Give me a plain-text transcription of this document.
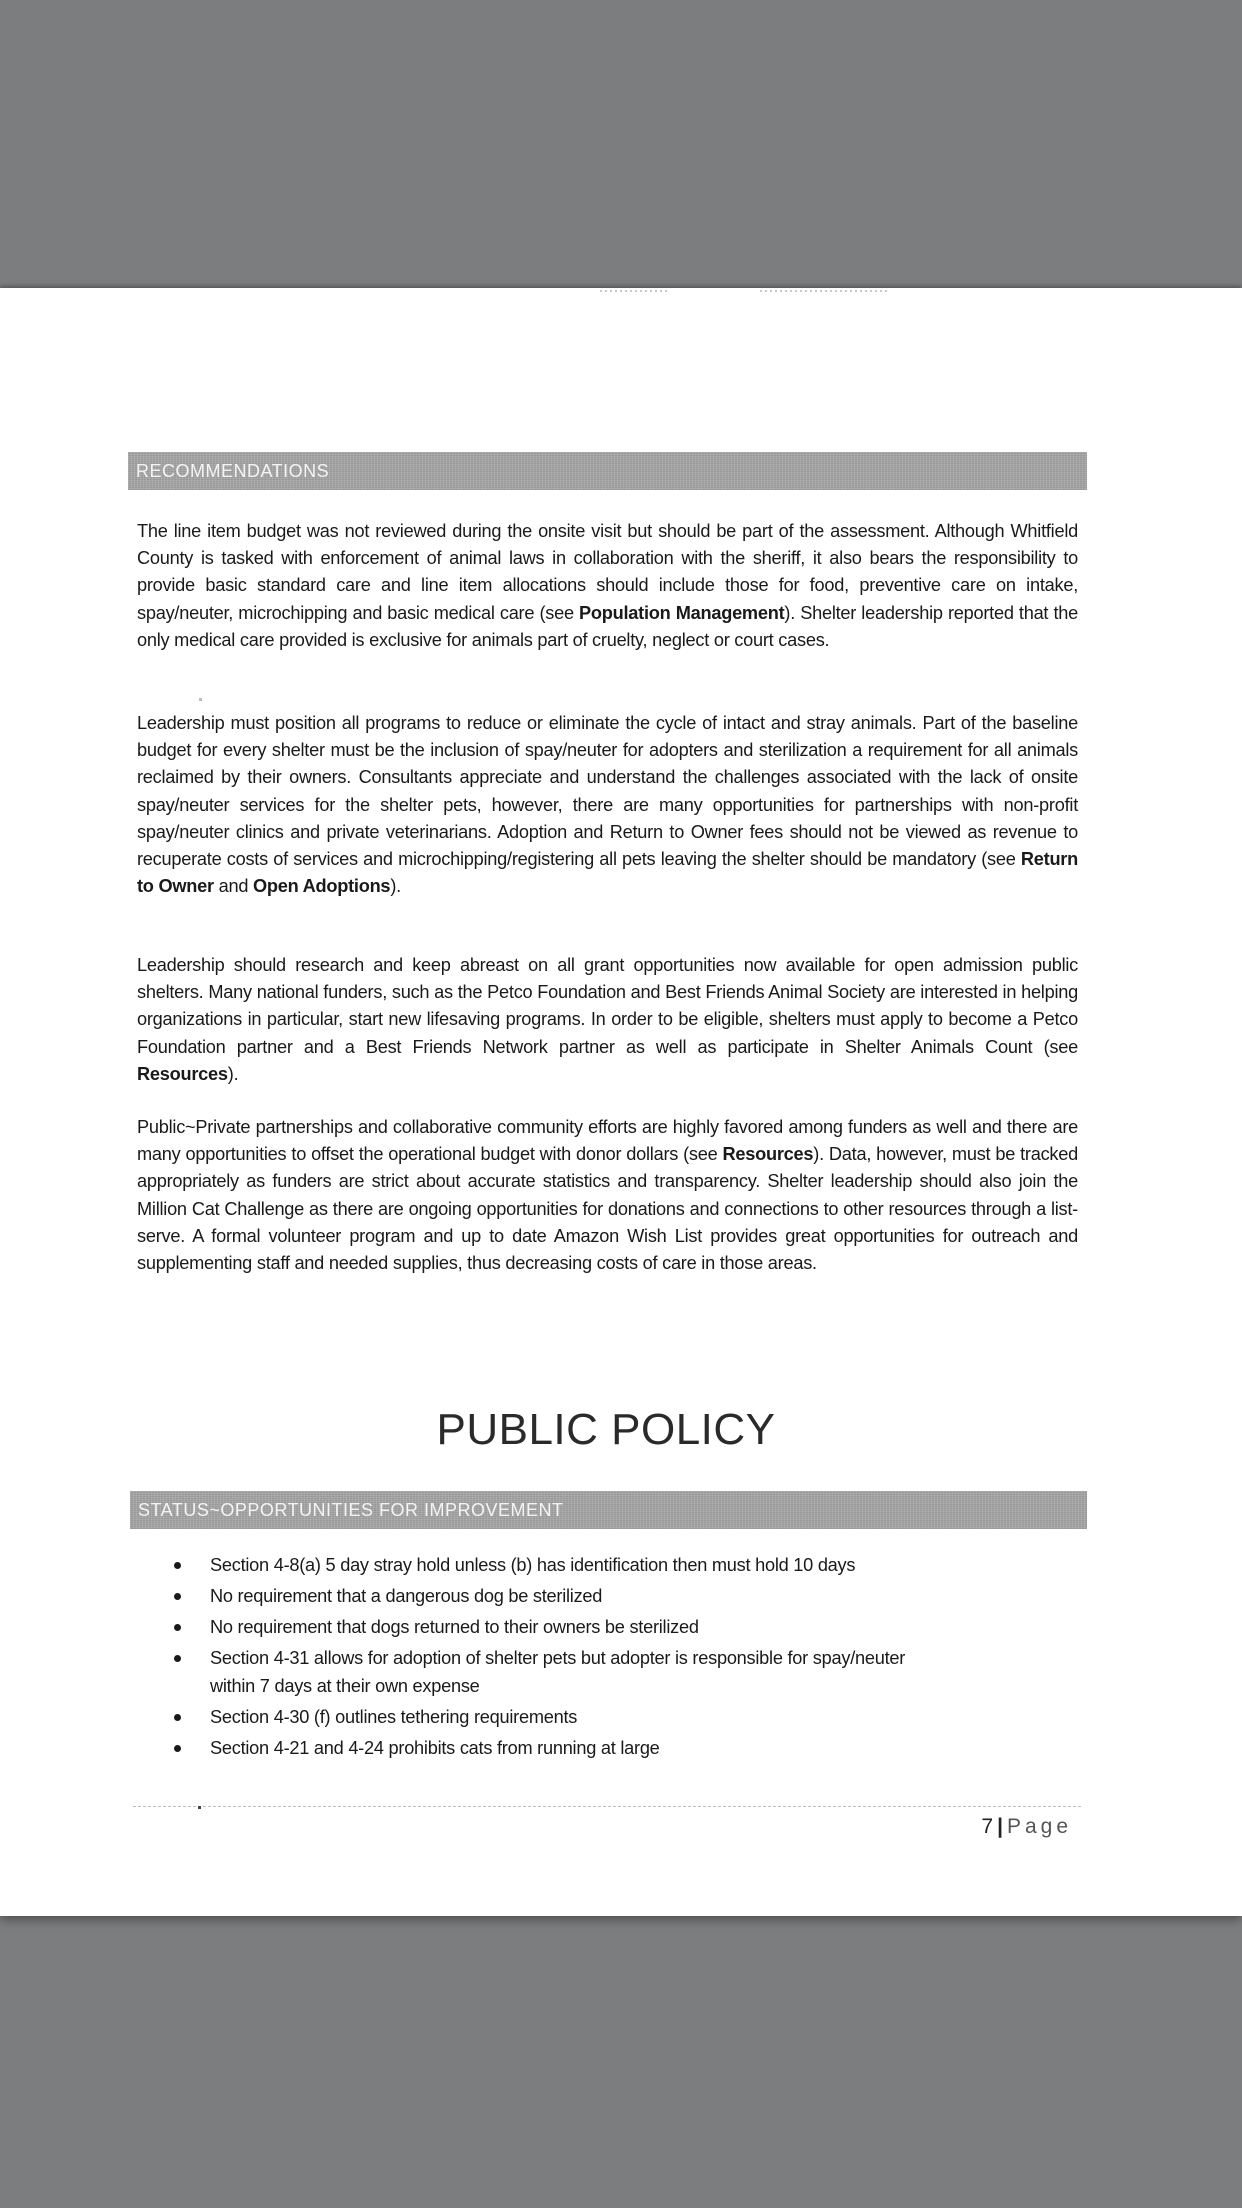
RECOMMENDATIONS

The line item budget was not reviewed during the onsite visit but should be part of the assessment. Although Whitfield County is tasked with enforcement of animal laws in collaboration with the sheriff, it also bears the responsibility to provide basic standard care and line item allocations should include those for food, preventive care on intake, spay/neuter, microchipping and basic medical care (see Population Management). Shelter leadership reported that the only medical care provided is exclusive for animals part of cruelty, neglect or court cases.

Leadership must position all programs to reduce or eliminate the cycle of intact and stray animals. Part of the baseline budget for every shelter must be the inclusion of spay/neuter for adopters and sterilization a requirement for all animals reclaimed by their owners. Consultants appreciate and understand the challenges associated with the lack of onsite spay/neuter services for the shelter pets, however, there are many opportunities for partnerships with non-profit spay/neuter clinics and private veterinarians. Adoption and Return to Owner fees should not be viewed as revenue to recuperate costs of services and microchipping/registering all pets leaving the shelter should be mandatory (see Return to Owner and Open Adoptions).

Leadership should research and keep abreast on all grant opportunities now available for open admission public shelters. Many national funders, such as the Petco Foundation and Best Friends Animal Society are interested in helping organizations in particular, start new lifesaving programs. In order to be eligible, shelters must apply to become a Petco Foundation partner and a Best Friends Network partner as well as participate in Shelter Animals Count (see Resources).

Public~Private partnerships and collaborative community efforts are highly favored among funders as well and there are many opportunities to offset the operational budget with donor dollars (see Resources). Data, however, must be tracked appropriately as funders are strict about accurate statistics and transparency. Shelter leadership should also join the Million Cat Challenge as there are ongoing opportunities for donations and connections to other resources through a list-serve. A formal volunteer program and up to date Amazon Wish List provides great opportunities for outreach and supplementing staff and needed supplies, thus decreasing costs of care in those areas.

PUBLIC POLICY
STATUS~OPPORTUNITIES FOR IMPROVEMENT
Section 4-8(a) 5 day stray hold unless (b) has identification then must hold 10 days
No requirement that a dangerous dog be sterilized
No requirement that dogs returned to their owners be sterilized
Section 4-31 allows for adoption of shelter pets but adopter is responsible for spay/neuter within 7 days at their own expense
Section 4-30 (f) outlines tethering requirements
Section 4-21 and 4-24 prohibits cats from running at large
7 | Page
